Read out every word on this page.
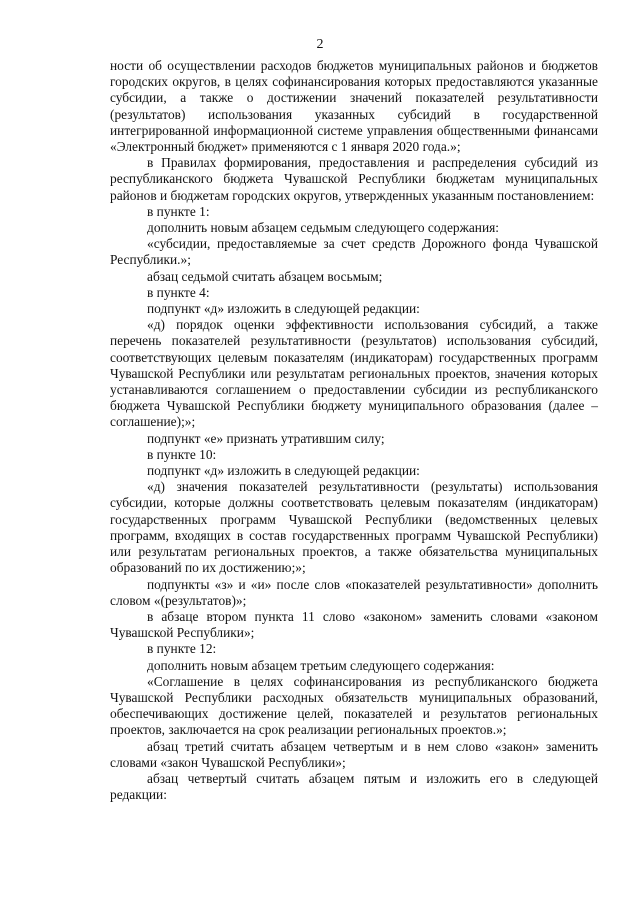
2

ности об осуществлении расходов бюджетов муниципальных районов и бюджетов городских округов, в целях софинансирования которых предоставляются указанные субсидии, а также о достижении значений показателей результативности (результатов) использования указанных субсидий в государственной интегрированной информационной системе управления общественными финансами «Электронный бюджет» применяются с 1 января 2020 года.»;

в Правилах формирования, предоставления и распределения субсидий из республиканского бюджета Чувашской Республики бюджетам муниципальных районов и бюджетам городских округов, утвержденных указанным постановлением:

в пункте 1:

дополнить новым абзацем седьмым следующего содержания:

«субсидии, предоставляемые за счет средств Дорожного фонда Чувашской Республики.»;

абзац седьмой считать абзацем восьмым;

в пункте 4:

подпункт «д» изложить в следующей редакции:

«д) порядок оценки эффективности использования субсидий, а также перечень показателей результативности (результатов) использования субсидий, соответствующих целевым показателям (индикаторам) государственных программ Чувашской Республики или результатам региональных проектов, значения которых устанавливаются соглашением о предоставлении субсидии из республиканского бюджета Чувашской Республики бюджету муниципального образования (далее – соглашение);»;

подпункт «е» признать утратившим силу;

в пункте 10:

подпункт «д» изложить в следующей редакции:

«д) значения показателей результативности (результаты) использования субсидии, которые должны соответствовать целевым показателям (индикаторам) государственных программ Чувашской Республики (ведомственных целевых программ, входящих в состав государственных программ Чувашской Республики) или результатам региональных проектов, а также обязательства муниципальных образований по их достижению;»;

подпункты «з» и «и» после слов «показателей результативности» дополнить словом «(результатов)»;

в абзаце втором пункта 11 слово «законом» заменить словами «законом Чувашской Республики»;

в пункте 12:

дополнить новым абзацем третьим следующего содержания:

«Соглашение в целях софинансирования из республиканского бюджета Чувашской Республики расходных обязательств муниципальных образований, обеспечивающих достижение целей, показателей и результатов региональных проектов, заключается на срок реализации региональных проектов.»;

абзац третий считать абзацем четвертым и в нем слово «закон» заменить словами «закон Чувашской Республики»;

абзац четвертый считать абзацем пятым и изложить его в следующей редакции:
